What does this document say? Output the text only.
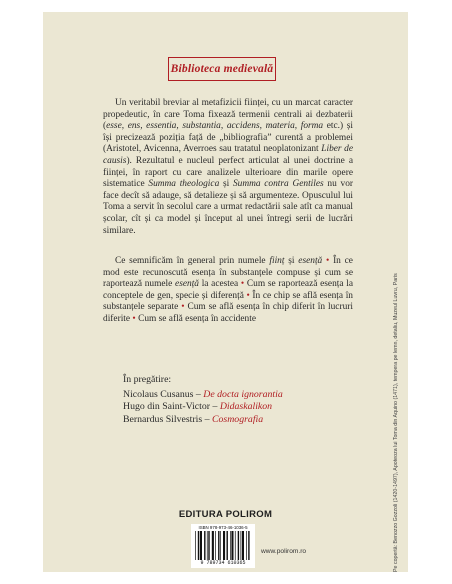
Biblioteca medievală

Un veritabil breviar al metafizicii ființei, cu un marcat caracter propedeutic, în care Toma fixează termenii centrali ai dezbaterii (esse, ens, essentia, substantia, accidens, materia, forma etc.) și își precizează poziția față de „bibliografia” curentă a problemei (Aristotel, Avicenna, Averroes sau tratatul neoplatonizant Liber de causis). Rezultatul e nucleul perfect articulat al unei doctrine a ființei, în raport cu care analizele ulterioare din marile opere sistematice Summa theologica și Summa contra Gentiles nu vor face decît să adauge, să detalieze și să argumenteze. Opusculul lui Toma a servit în secolul care a urmat redactării sale atît ca manual școlar, cît și ca model și început al unei întregi serii de lucrări similare.

Ce semnificăm în general prin numele ființ și esență • În ce mod este recunoscută esența în substanțele compuse și cum se raportează numele esență la acestea • Cum se raportează esența la conceptele de gen, specie și diferență • În ce chip se află esența în substanțele separate • Cum se află esența în chip diferit în lucruri diferite • Cum se află esența în accidente

În pregătire:
Nicolaus Cusanus – De docta ignorantia
Hugo din Saint-Victor – Didaskalikon
Bernardus Silvestris – Cosmografia
EDITURA POLIROM
ISBN 978-973-46-1036-5
9 789734 610365
www.polirom.ro	Pe copertă: Benozzo Gozzoli (1420-1497), Apoteoza lui Toma din Aquino (1471), tempera pe lemn, detaliu, Muzeul Luvru, Paris
